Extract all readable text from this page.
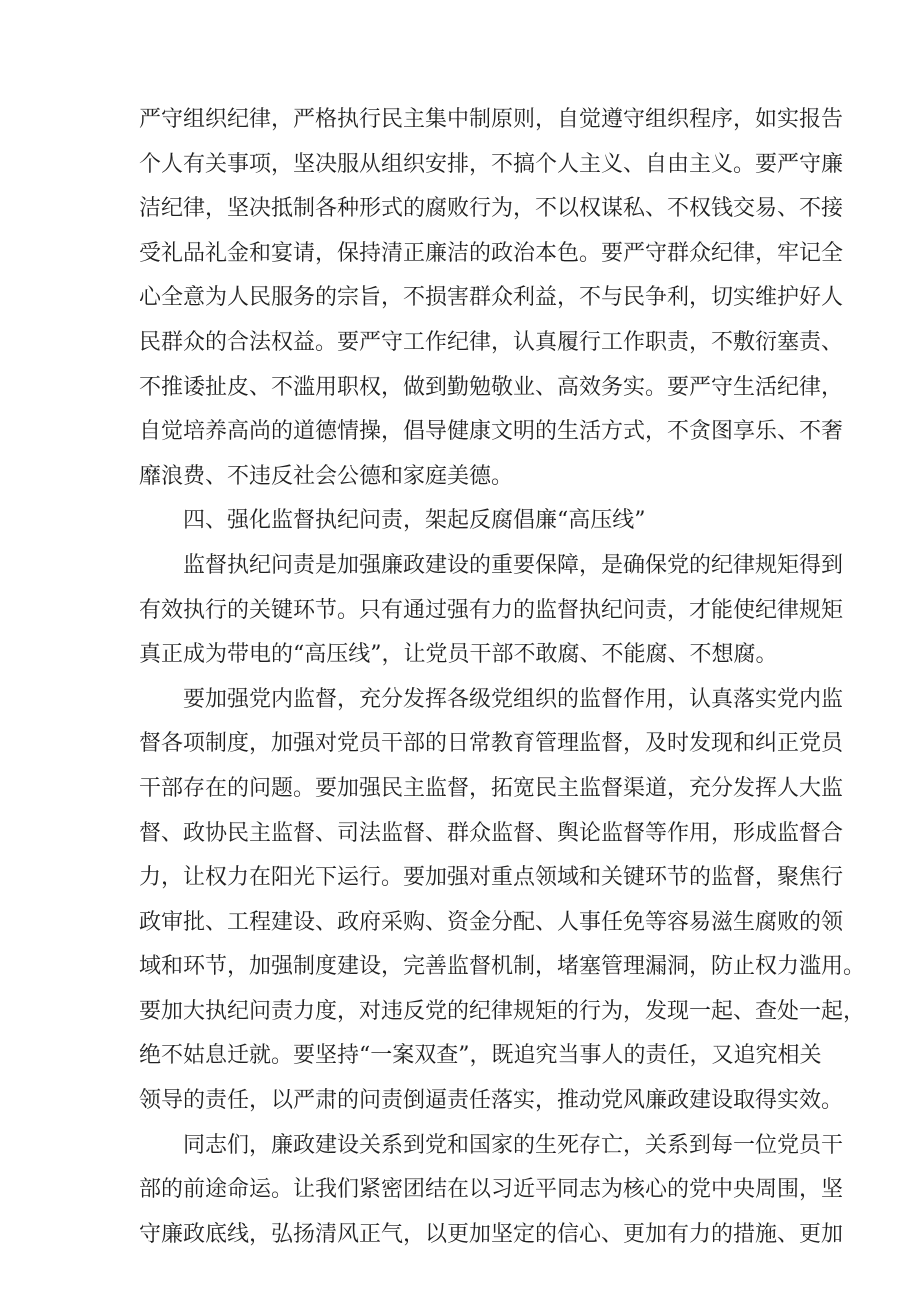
严守组织纪律，严格执行民主集中制原则，自觉遵守组织程序，如实报告
个人有关事项，坚决服从组织安排，不搞个人主义、自由主义。要严守廉
洁纪律，坚决抵制各种形式的腐败行为，不以权谋私、不权钱交易、不接
受礼品礼金和宴请，保持清正廉洁的政治本色。要严守群众纪律，牢记全
心全意为人民服务的宗旨，不损害群众利益，不与民争利，切实维护好人
民群众的合法权益。要严守工作纪律，认真履行工作职责，不敷衍塞责、
不推诿扯皮、不滥用职权，做到勤勉敬业、高效务实。要严守生活纪律，
自觉培养高尚的道德情操，倡导健康文明的生活方式，不贪图享乐、不奢
靡浪费、不违反社会公德和家庭美德。
四、强化监督执纪问责，架起反腐倡廉“高压线”
监督执纪问责是加强廉政建设的重要保障，是确保党的纪律规矩得到
有效执行的关键环节。只有通过强有力的监督执纪问责，才能使纪律规矩
真正成为带电的“高压线”，让党员干部不敢腐、不能腐、不想腐。
要加强党内监督，充分发挥各级党组织的监督作用，认真落实党内监
督各项制度，加强对党员干部的日常教育管理监督，及时发现和纠正党员
干部存在的问题。要加强民主监督，拓宽民主监督渠道，充分发挥人大监
督、政协民主监督、司法监督、群众监督、舆论监督等作用，形成监督合
力，让权力在阳光下运行。要加强对重点领域和关键环节的监督，聚焦行
政审批、工程建设、政府采购、资金分配、人事任免等容易滋生腐败的领
域和环节，加强制度建设，完善监督机制，堵塞管理漏洞，防止权力滥用。
要加大执纪问责力度，对违反党的纪律规矩的行为，发现一起、查处一起，
绝不姑息迁就。要坚持“一案双查”，既追究当事人的责任，又追究相关
领导的责任，以严肃的问责倒逼责任落实，推动党风廉政建设取得实效。
同志们，廉政建设关系到党和国家的生死存亡，关系到每一位党员干
部的前途命运。让我们紧密团结在以习近平同志为核心的党中央周围，坚
守廉政底线，弘扬清风正气，以更加坚定的信心、更加有力的措施、更加
